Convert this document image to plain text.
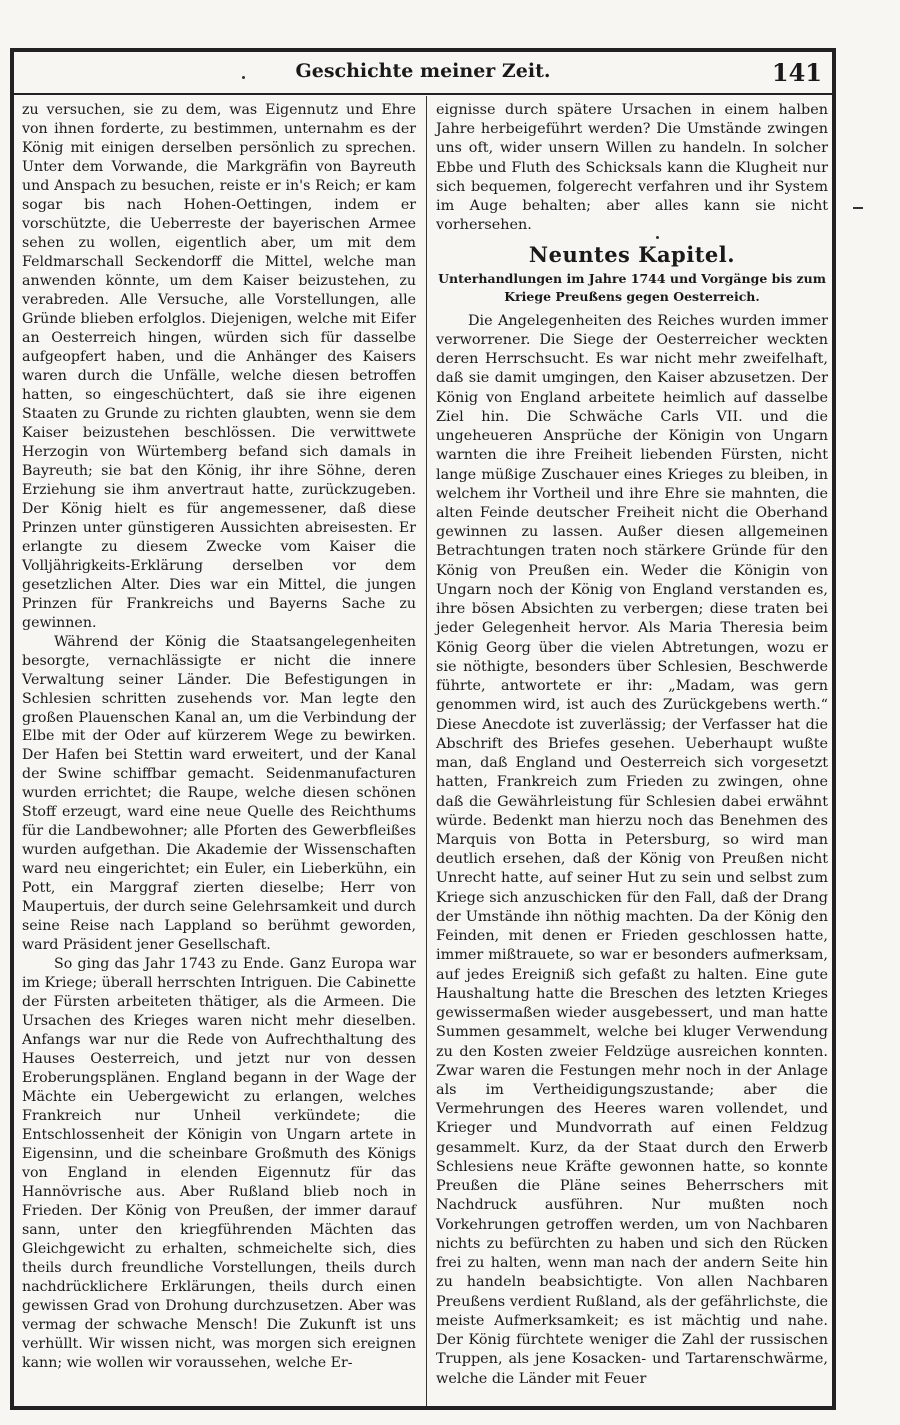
Geschichte meiner Zeit.	141

zu versuchen, sie zu dem, was Eigennutz und Ehre von ihnen forderte, zu bestimmen, unternahm es der König mit einigen derselben persönlich zu sprechen. Unter dem Vorwande, die Markgräfin von Bayreuth und Anspach zu besuchen, reiste er in's Reich; er kam sogar bis nach Hohen-Oettingen, indem er vorschützte, die Ueberreste der bayerischen Armee sehen zu wollen, eigentlich aber, um mit dem Feldmarschall Seckendorff die Mittel, welche man anwenden könnte, um dem Kaiser beizustehen, zu verabreden. Alle Versuche, alle Vorstellungen, alle Gründe blieben erfolglos. Diejenigen, welche mit Eifer an Oesterreich hingen, würden sich für dasselbe aufgeopfert haben, und die Anhänger des Kaisers waren durch die Unfälle, welche diesen betroffen hatten, so eingeschüchtert, daß sie ihre eigenen Staaten zu Grunde zu richten glaubten, wenn sie dem Kaiser beizustehen beschlössen. Die verwittwete Herzogin von Würtemberg befand sich damals in Bayreuth; sie bat den König, ihr ihre Söhne, deren Erziehung sie ihm anvertraut hatte, zurückzugeben. Der König hielt es für angemessener, daß diese Prinzen unter günstigeren Aussichten abreisesten. Er erlangte zu diesem Zwecke vom Kaiser die Volljährigkeits-Erklärung derselben vor dem gesetzlichen Alter. Dies war ein Mittel, die jungen Prinzen für Frankreichs und Bayerns Sache zu gewinnen.

Während der König die Staatsangelegenheiten besorgte, vernachlässigte er nicht die innere Verwaltung seiner Länder. Die Befestigungen in Schlesien schritten zusehends vor. Man legte den großen Plauenschen Kanal an, um die Verbindung der Elbe mit der Oder auf kürzerem Wege zu bewirken. Der Hafen bei Stettin ward erweitert, und der Kanal der Swine schiffbar gemacht. Seidenmanufacturen wurden errichtet; die Raupe, welche diesen schönen Stoff erzeugt, ward eine neue Quelle des Reichthums für die Landbewohner; alle Pforten des Gewerbfleißes wurden aufgethan. Die Akademie der Wissenschaften ward neu eingerichtet; ein Euler, ein Lieberkühn, ein Pott, ein Marggraf zierten dieselbe; Herr von Maupertuis, der durch seine Gelehrsamkeit und durch seine Reise nach Lappland so berühmt geworden, ward Präsident jener Gesellschaft.

So ging das Jahr 1743 zu Ende. Ganz Europa war im Kriege; überall herrschten Intriguen. Die Cabinette der Fürsten arbeiteten thätiger, als die Armeen. Die Ursachen des Krieges waren nicht mehr dieselben. Anfangs war nur die Rede von Aufrechthaltung des Hauses Oesterreich, und jetzt nur von dessen Eroberungsplänen. England begann in der Wage der Mächte ein Uebergewicht zu erlangen, welches Frankreich nur Unheil verkündete; die Entschlossenheit der Königin von Ungarn artete in Eigensinn, und die scheinbare Großmuth des Königs von England in elenden Eigennutz für das Hannövrische aus. Aber Rußland blieb noch in Frieden. Der König von Preußen, der immer darauf sann, unter den kriegführenden Mächten das Gleichgewicht zu erhalten, schmeichelte sich, dies theils durch freundliche Vorstellungen, theils durch nachdrücklichere Erklärungen, theils durch einen gewissen Grad von Drohung durchzusetzen. Aber was vermag der schwache Mensch! Die Zukunft ist uns verhüllt. Wir wissen nicht, was morgen sich ereignen kann; wie wollen wir voraussehen, welche Er-

eignisse durch spätere Ursachen in einem halben Jahre herbeigeführt werden? Die Umstände zwingen uns oft, wider unsern Willen zu handeln. In solcher Ebbe und Fluth des Schicksals kann die Klugheit nur sich bequemen, folgerecht verfahren und ihr System im Auge behalten; aber alles kann sie nicht vorhersehen.

Neuntes Kapitel.
Unterhandlungen im Jahre 1744 und Vorgänge bis zum Kriege Preußens gegen Oesterreich.

Die Angelegenheiten des Reiches wurden immer verworrener. Die Siege der Oesterreicher weckten deren Herrschsucht. Es war nicht mehr zweifelhaft, daß sie damit umgingen, den Kaiser abzusetzen. Der König von England arbeitete heimlich auf dasselbe Ziel hin. Die Schwäche Carls VII. und die ungeheueren Ansprüche der Königin von Ungarn warnten die ihre Freiheit liebenden Fürsten, nicht lange müßige Zuschauer eines Krieges zu bleiben, in welchem ihr Vortheil und ihre Ehre sie mahnten, die alten Feinde deutscher Freiheit nicht die Oberhand gewinnen zu lassen. Außer diesen allgemeinen Betrachtungen traten noch stärkere Gründe für den König von Preußen ein. Weder die Königin von Ungarn noch der König von England verstanden es, ihre bösen Absichten zu verbergen; diese traten bei jeder Gelegenheit hervor. Als Maria Theresia beim König Georg über die vielen Abtretungen, wozu er sie nöthigte, besonders über Schlesien, Beschwerde führte, antwortete er ihr: „Madam, was gern genommen wird, ist auch des Zurückgebens werth.“ Diese Anecdote ist zuverlässig; der Verfasser hat die Abschrift des Briefes gesehen. Ueberhaupt wußte man, daß England und Oesterreich sich vorgesetzt hatten, Frankreich zum Frieden zu zwingen, ohne daß die Gewährleistung für Schlesien dabei erwähnt würde. Bedenkt man hierzu noch das Benehmen des Marquis von Botta in Petersburg, so wird man deutlich ersehen, daß der König von Preußen nicht Unrecht hatte, auf seiner Hut zu sein und selbst zum Kriege sich anzuschicken für den Fall, daß der Drang der Umstände ihn nöthig machten. Da der König den Feinden, mit denen er Frieden geschlossen hatte, immer mißtrauete, so war er besonders aufmerksam, auf jedes Ereigniß sich gefaßt zu halten. Eine gute Haushaltung hatte die Breschen des letzten Krieges gewissermaßen wieder ausgebessert, und man hatte Summen gesammelt, welche bei kluger Verwendung zu den Kosten zweier Feldzüge ausreichen konnten. Zwar waren die Festungen mehr noch in der Anlage als im Vertheidigungszustande; aber die Vermehrungen des Heeres waren vollendet, und Krieger und Mundvorrath auf einen Feldzug gesammelt. Kurz, da der Staat durch den Erwerb Schlesiens neue Kräfte gewonnen hatte, so konnte Preußen die Pläne seines Beherrschers mit Nachdruck ausführen. Nur mußten noch Vorkehrungen getroffen werden, um von Nachbaren nichts zu befürchten zu haben und sich den Rücken frei zu halten, wenn man nach der andern Seite hin zu handeln beabsichtigte. Von allen Nachbaren Preußens verdient Rußland, als der gefährlichste, die meiste Aufmerksamkeit; es ist mächtig und nahe. Der König fürchtete weniger die Zahl der russischen Truppen, als jene Kosacken- und Tartarenschwärme, welche die Länder mit Feuer
